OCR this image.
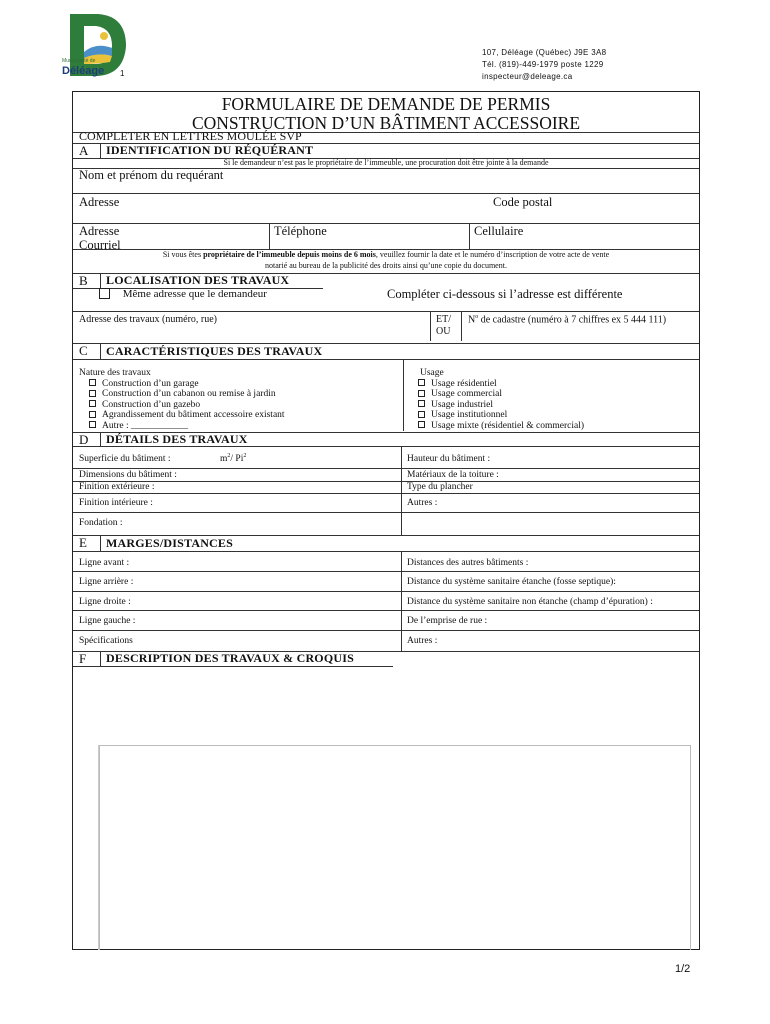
Municipalité de
Déléage 1
107, Déléage (Québec) J9E 3A8
Tél. (819)-449-1979 poste 1229
inspecteur@deleage.ca
FORMULAIRE DE DEMANDE DE PERMIS
CONSTRUCTION D’UN BÂTIMENT ACCESSOIRE
COMPLETER EN LETTRES MOULÉE SVP
A IDENTIFICATION DU RÉQUÉRANT
Si le demandeur n’est pas le propriétaire de l’immeuble, une procuration doit être jointe à la demande
Nom et prénom du requérant
Adresse	Code postal
Adresse
Courriel
Téléphone	Cellulaire
Si vous êtes propriétaire de l’immeuble depuis moins de 6 mois, veuillez fournir la date et le numéro d’inscription de votre acte de vente
notarié au bureau de la publicité des droits ainsi qu’une copie du document.
B LOCALISATION DES TRAVAUX
Même adresse que le demandeur	Compléter ci-dessous si l’adresse est différente
Adresse des travaux (numéro, rue)	ET/
OU
$N^o$ de cadastre (numéro à 7 chiffres ex 5 444 111)
C CARACTÉRISTIQUES DES TRAVAUX
Nature des travaux
Construction d’un garage
Construction d’un cabanon ou remise à jardin
Construction d’un gazebo
Agrandissement du bâtiment accessoire existant
Autre : ____________
Usage
Usage résidentiel
Usage commercial
Usage industriel
Usage institutionnel
Usage mixte (résidentiel & commercial)
D DÉTAILS DES TRAVAUX
Superficie du bâtiment :	$m^2/$ Pi$^2$	Hauteur du bâtiment :
Dimensions du bâtiment :	Matériaux de la toiture :
Finition extérieure :	Type du plancher
Finition intérieure :	Autres :
Fondation :
E MARGES/DISTANCES
Ligne avant :	Distances des autres bâtiments :
Ligne arrière :	Distance du système sanitaire étanche (fosse septique):
Ligne droite :	Distance du système sanitaire non étanche (champ d’épuration) :
Ligne gauche :	De l’emprise de rue :
Spécifications	Autres :
F DESCRIPTION DES TRAVAUX & CROQUIS
1/2
